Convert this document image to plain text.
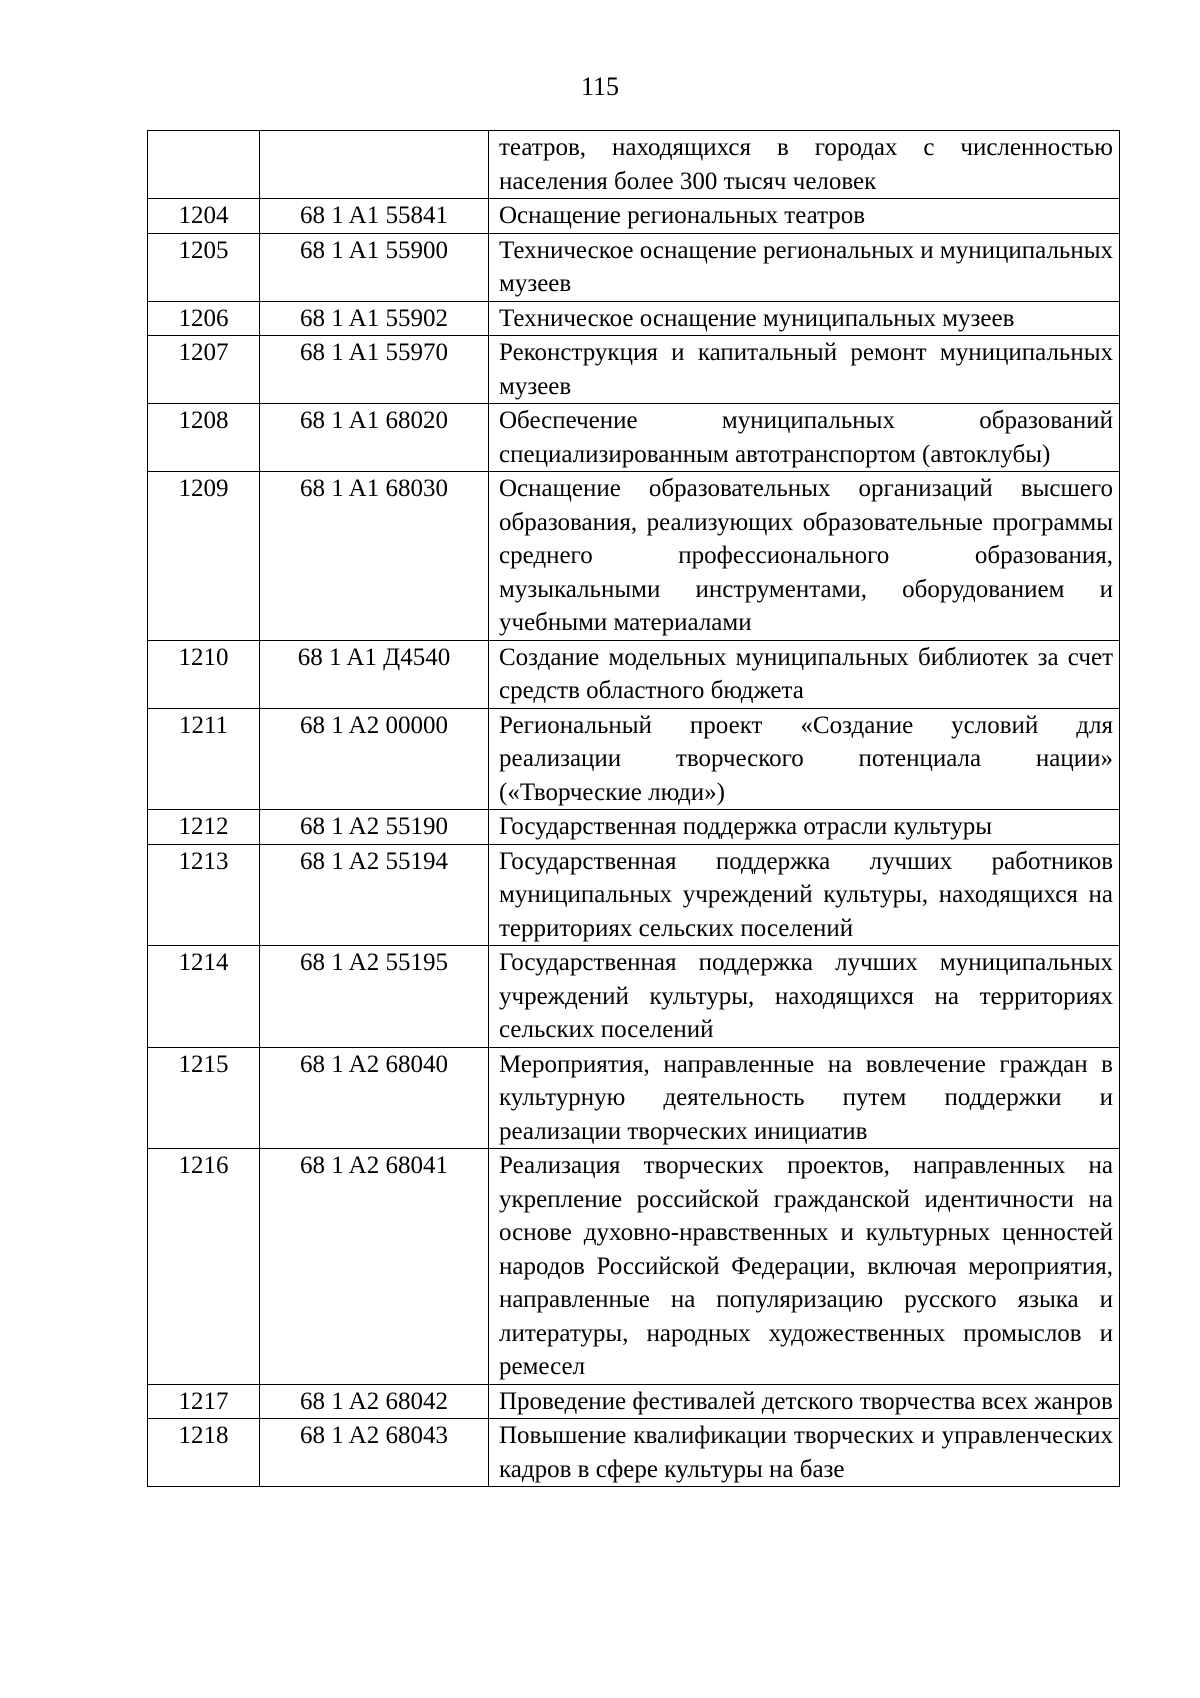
115
		театров, находящихся в городах с численностью населения более 300 тысяч человек
1204	68 1 A1 55841	Оснащение региональных театров
1205	68 1 A1 55900	Техническое оснащение региональных и муниципальных музеев
1206	68 1 A1 55902	Техническое оснащение муниципальных музеев
1207	68 1 A1 55970	Реконструкция и капитальный ремонт муниципальных музеев
1208	68 1 A1 68020	Обеспечение муниципальных образований специализированным автотранспортом (автоклубы)
1209	68 1 A1 68030	Оснащение образовательных организаций высшего образования, реализующих образовательные программы среднего профессионального образования, музыкальными инструментами, оборудованием и учебными материалами
1210	68 1 A1 Д4540	Создание модельных муниципальных библиотек за счет средств областного бюджета
1211	68 1 A2 00000	Региональный проект «Создание условий для реализации творческого потенциала нации» («Творческие люди»)
1212	68 1 A2 55190	Государственная поддержка отрасли культуры
1213	68 1 A2 55194	Государственная поддержка лучших работников муниципальных учреждений культуры, находящихся на территориях сельских поселений
1214	68 1 A2 55195	Государственная поддержка лучших муниципальных учреждений культуры, находящихся на территориях сельских поселений
1215	68 1 A2 68040	Мероприятия, направленные на вовлечение граждан в культурную деятельность путем поддержки и реализации творческих инициатив
1216	68 1 A2 68041	Реализация творческих проектов, направленных на укрепление российской гражданской идентичности на основе духовно-нравственных и культурных ценностей народов Российской Федерации, включая мероприятия, направленные на популяризацию русского языка и литературы, народных художественных промыслов и ремесел
1217	68 1 A2 68042	Проведение фестивалей детского творчества всех жанров
1218	68 1 A2 68043	Повышение квалификации творческих и управленческих кадров в сфере культуры на базе
